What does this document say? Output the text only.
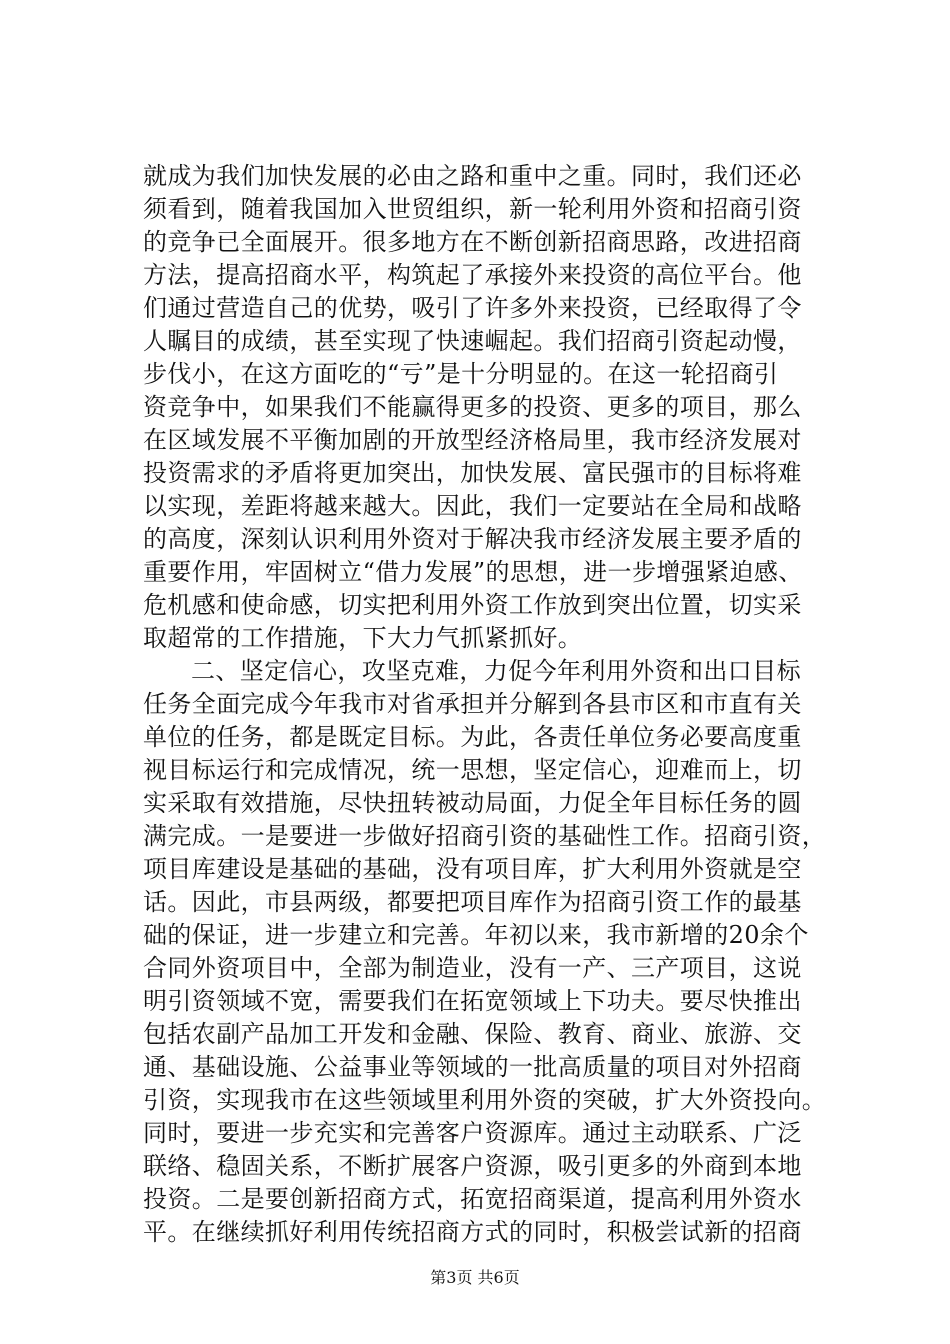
就成为我们加快发展的必由之路和重中之重。同时，我们还必
须看到，随着我国加入世贸组织，新一轮利用外资和招商引资
的竞争已全面展开。很多地方在不断创新招商思路，改进招商
方法，提高招商水平，构筑起了承接外来投资的高位平台。他
们通过营造自己的优势，吸引了许多外来投资，已经取得了令
人瞩目的成绩，甚至实现了快速崛起。我们招商引资起动慢，
步伐小，在这方面吃的“亏”是十分明显的。在这一轮招商引
资竞争中，如果我们不能赢得更多的投资、更多的项目，那么
在区域发展不平衡加剧的开放型经济格局里，我市经济发展对
投资需求的矛盾将更加突出，加快发展、富民强市的目标将难
以实现，差距将越来越大。因此，我们一定要站在全局和战略
的高度，深刻认识利用外资对于解决我市经济发展主要矛盾的
重要作用，牢固树立“借力发展”的思想，进一步增强紧迫感、
危机感和使命感，切实把利用外资工作放到突出位置，切实采
取超常的工作措施，下大力气抓紧抓好。
二、坚定信心，攻坚克难，力促今年利用外资和出口目标
任务全面完成今年我市对省承担并分解到各县市区和市直有关
单位的任务，都是既定目标。为此，各责任单位务必要高度重
视目标运行和完成情况，统一思想，坚定信心，迎难而上，切
实采取有效措施，尽快扭转被动局面，力促全年目标任务的圆
满完成。一是要进一步做好招商引资的基础性工作。招商引资，
项目库建设是基础的基础，没有项目库，扩大利用外资就是空
话。因此，市县两级，都要把项目库作为招商引资工作的最基
础的保证，进一步建立和完善。年初以来，我市新增的20余个
合同外资项目中，全部为制造业，没有一产、三产项目，这说
明引资领域不宽，需要我们在拓宽领域上下功夫。要尽快推出
包括农副产品加工开发和金融、保险、教育、商业、旅游、交
通、基础设施、公益事业等领域的一批高质量的项目对外招商
引资，实现我市在这些领域里利用外资的突破，扩大外资投向。
同时，要进一步充实和完善客户资源库。通过主动联系、广泛
联络、稳固关系，不断扩展客户资源，吸引更多的外商到本地
投资。二是要创新招商方式，拓宽招商渠道，提高利用外资水
平。在继续抓好利用传统招商方式的同时，积极尝试新的招商
第3页 共6页
